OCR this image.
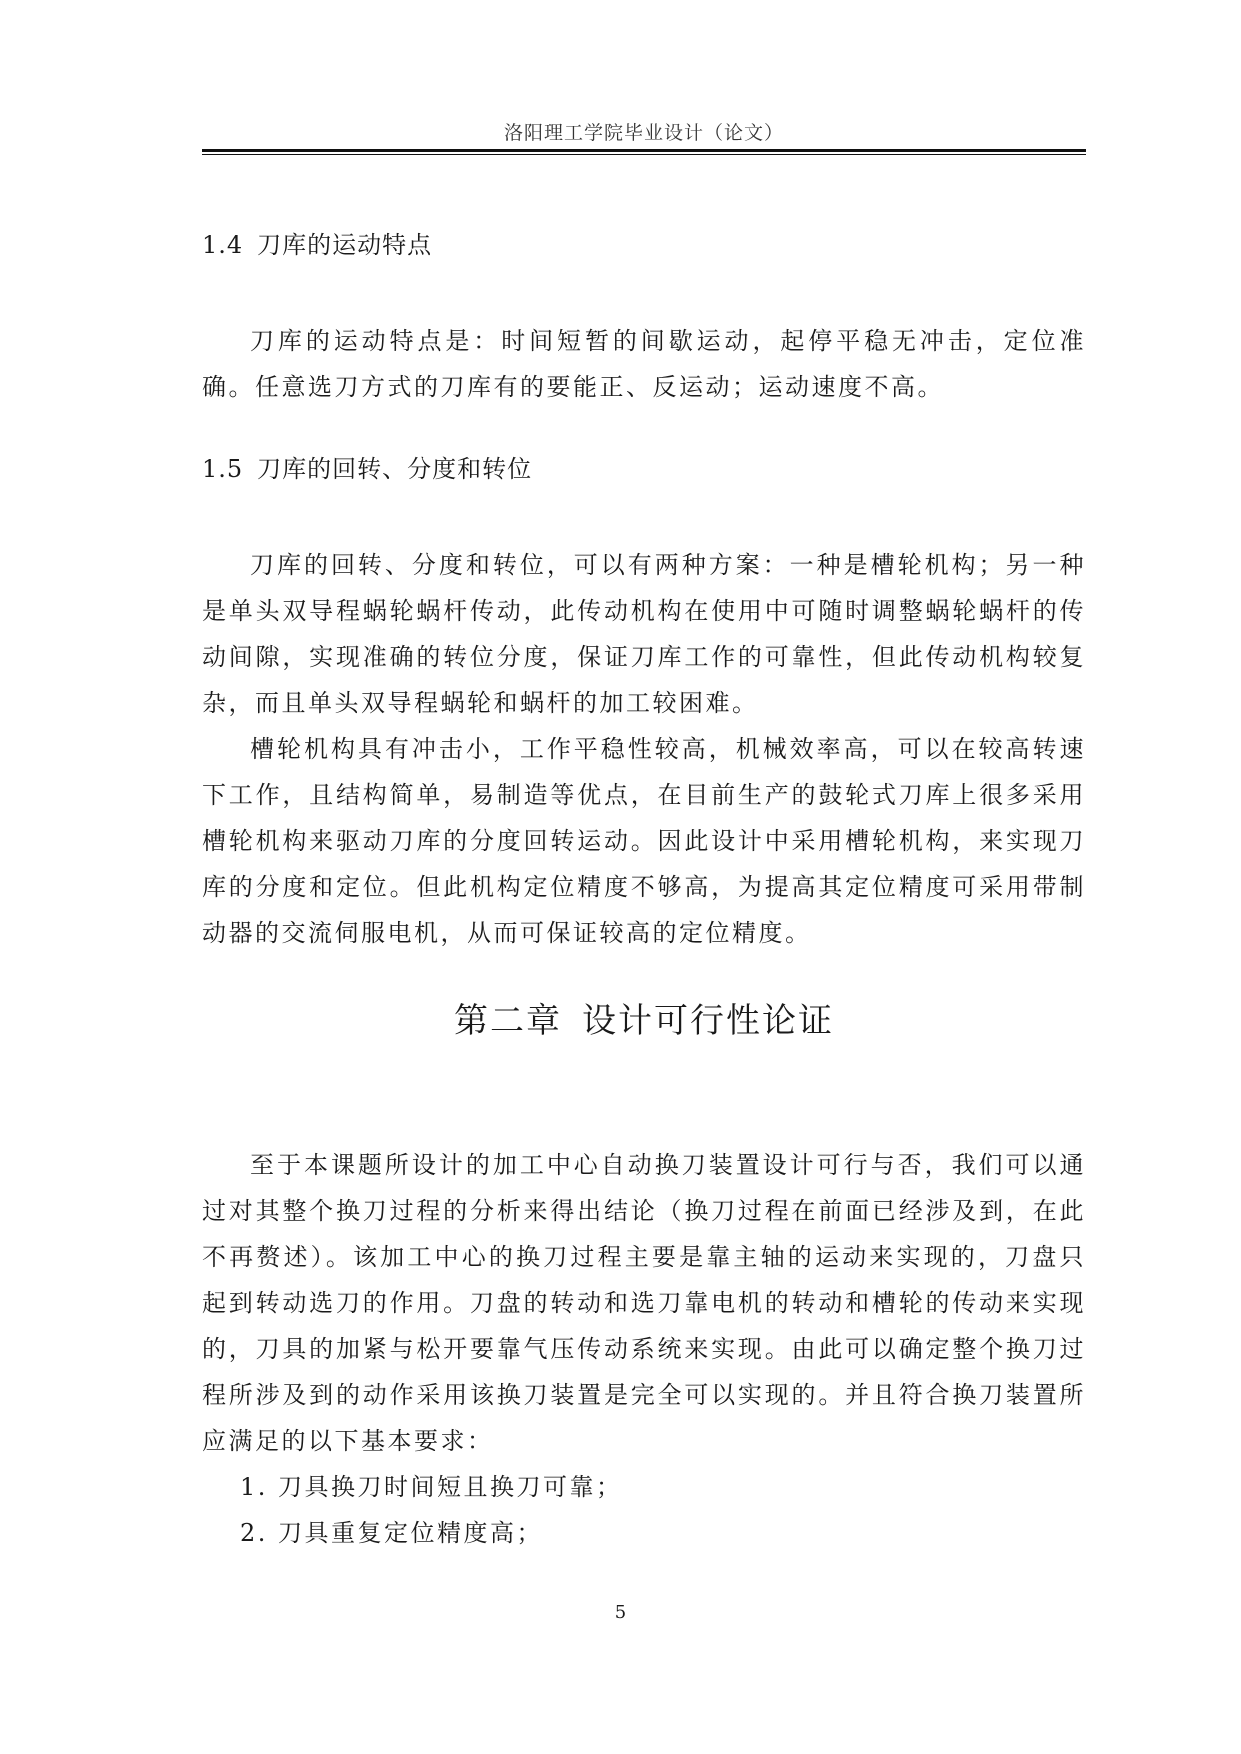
洛阳理工学院毕业设计（论文）
1.4 刀库的运动特点

刀库的运动特点是：时间短暂的间歇运动，起停平稳无冲击，定位准确。任意选刀方式的刀库有的要能正、反运动；运动速度不高。

1.5 刀库的回转、分度和转位

刀库的回转、分度和转位，可以有两种方案：一种是槽轮机构；另一种是单头双导程蜗轮蜗杆传动，此传动机构在使用中可随时调整蜗轮蜗杆的传动间隙，实现准确的转位分度，保证刀库工作的可靠性，但此传动机构较复杂，而且单头双导程蜗轮和蜗杆的加工较困难。

槽轮机构具有冲击小，工作平稳性较高，机械效率高，可以在较高转速下工作，且结构简单，易制造等优点，在目前生产的鼓轮式刀库上很多采用槽轮机构来驱动刀库的分度回转运动。因此设计中采用槽轮机构，来实现刀库的分度和定位。但此机构定位精度不够高，为提高其定位精度可采用带制动器的交流伺服电机，从而可保证较高的定位精度。

第二章 设计可行性论证

至于本课题所设计的加工中心自动换刀装置设计可行与否，我们可以通过对其整个换刀过程的分析来得出结论（换刀过程在前面已经涉及到，在此不再赘述）。该加工中心的换刀过程主要是靠主轴的运动来实现的，刀盘只起到转动选刀的作用。刀盘的转动和选刀靠电机的转动和槽轮的传动来实现的，刀具的加紧与松开要靠气压传动系统来实现。由此可以确定整个换刀过程所涉及到的动作采用该换刀装置是完全可以实现的。并且符合换刀装置所应满足的以下基本要求：

1. 刀具换刀时间短且换刀可靠；

2. 刀具重复定位精度高；

5
